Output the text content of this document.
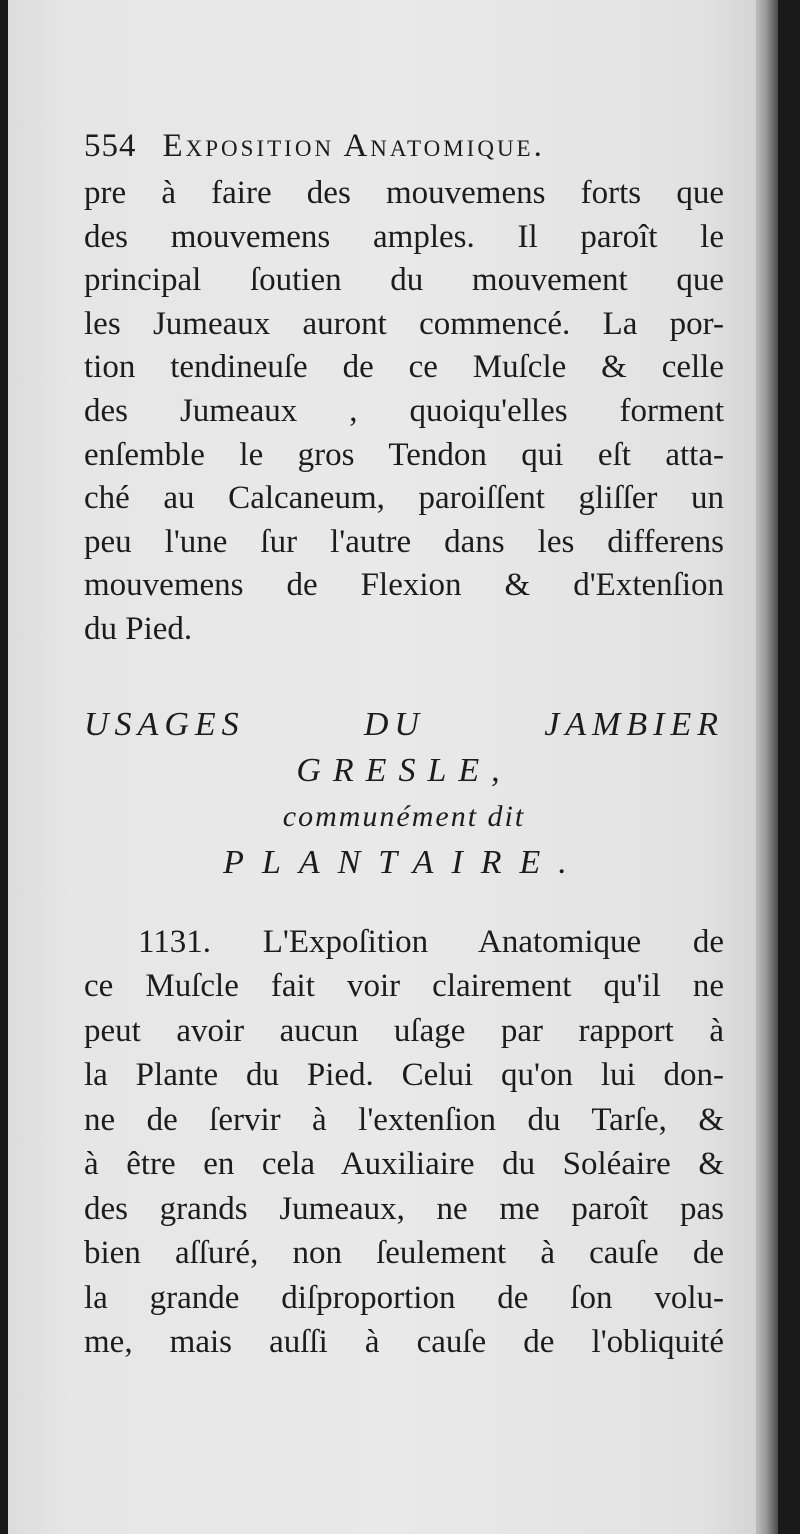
554 Exposition Anatomique.
pre à faire des mouvemens forts que
des mouvemens amples. Il paroît le
principal ſoutien du mouvement que
les Jumeaux auront commencé. La por-
tion tendineuſe de ce Muſcle & celle
des Jumeaux , quoiqu'elles forment
enſemble le gros Tendon qui eſt atta-
ché au Calcaneum, paroiſſent gliſſer un
peu l'une ſur l'autre dans les differens
mouvemens de Flexion & d'Extenſion
du Pied.
USAGES DU JAMBIER
GRESLE,
communément dit
PLANTAIRE.
1131. L'Expoſition Anatomique de
ce Muſcle fait voir clairement qu'il ne
peut avoir aucun uſage par rapport à
la Plante du Pied. Celui qu'on lui don-
ne de ſervir à l'extenſion du Tarſe, &
à être en cela Auxiliaire du Soléaire &
des grands Jumeaux, ne me paroît pas
bien aſſuré, non ſeulement à cauſe de
la grande diſproportion de ſon volu-
me, mais auſſi à cauſe de l'obliquité
